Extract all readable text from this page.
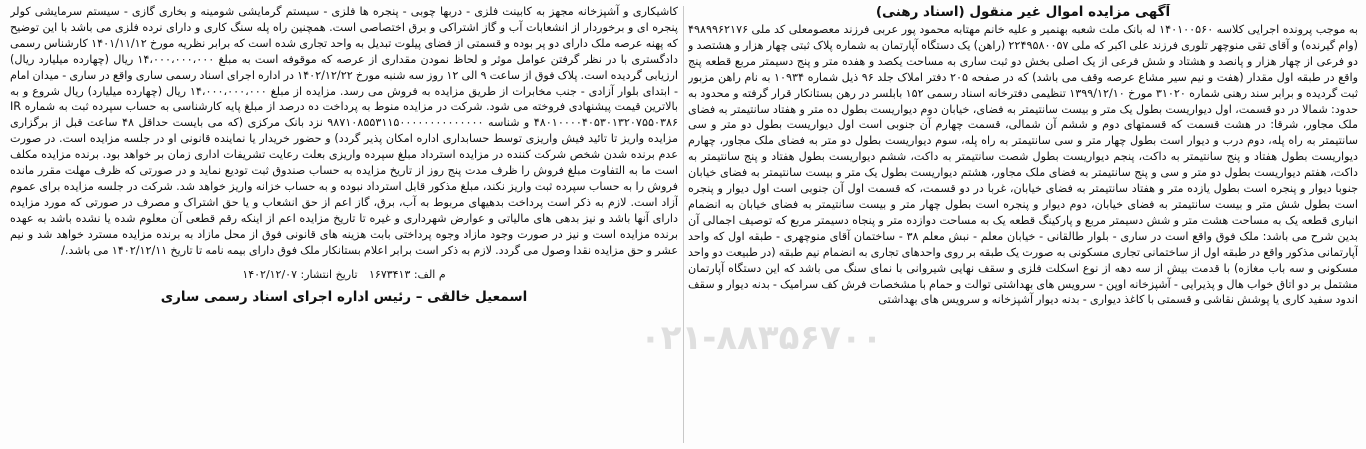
آگهی مزایده اموال غیر منقول (اسناد رهنی)

به موجب پرونده اجرایی کلاسه ۱۴۰۱۰۰۵۶۰ له بانک ملت شعبه بهنمیر و علیه خانم مهتابه محمود پور عربی فرزند معصومعلی کد ملی ۴۹۸۹۹۶۲۱۷۶ (وام گیرنده) و آقای تقی منوچهر تلوری فرزند علی اکبر که ملی ۲۲۴۹۵۸۰۰۵۷ (راهن) یک دستگاه آپارتمان به شماره پلاک ثبتی چهار هزار و هشتصد و دو فرعی از چهار هزار و پانصد و هشتاد و شش فرعی از یک اصلی بخش دو ثبت ساری به مساحت یکصد و هفده متر و پنج دسیمتر مربع قطعه پنج واقع در طبقه اول مقدار (هفت و نیم سیر مشاع عرصه وقف می باشد) که در صفحه ۲۰۵ دفتر املاک جلد ۹۶ ذیل شماره ۱۰۹۳۴ به نام راهن مزبور ثبت گردیده و برابر سند رهنی شماره ۳۱۰۲۰ مورخ ۱۳۹۹/۱۲/۱۰ تنظیمی دفترخانه اسناد رسمی ۱۵۲ بابلسر در رهن بستانکار قرار گرفته و محدود به حدود: شمالا در دو قسمت، اول دیواریست بطول یک متر و بیست سانتیمتر به فضای، خیابان دوم دیواریست بطول ده متر و هفتاد سانتیمتر به فضای ملک مجاور، شرقا: در هشت قسمت که قسمتهای دوم و ششم آن شمالی، قسمت چهارم آن جنوبی است اول دیواریست بطول دو متر و سی سانتیمتر به راه پله، دوم درب و دیوار است بطول چهار متر و سی سانتیمتر به راه پله، سوم دیواریست بطول دو متر به فضای ملک مجاور، چهارم دیواریست بطول هفتاد و پنج سانتیمتر به داکت، پنجم دیواریست بطول شصت سانتیمتر به داکت، ششم دیواریست بطول هفتاد و پنج سانتیمتر به داکت، هفتم دیواریست بطول دو متر و سی و پنج سانتیمتر به فضای ملک مجاور، هشتم دیواریست بطول یک متر و بیست سانتیمتر به فضای خیابان جنوبا دیوار و پنجره است بطول یازده متر و هفتاد سانتیمتر به فضای خیابان، غربا در دو قسمت، که قسمت اول آن جنوبی است اول دیوار و پنجره است بطول شش متر و بیست سانتیمتر به فضای خیابان، دوم دیوار و پنجره است بطول چهار متر و بیست سانتیمتر به فضای خیابان به انضمام انباری قطعه یک به مساحت هشت متر و شش دسیمتر مربع و پارکینگ قطعه یک به مساحت دوازده متر و پنجاه دسیمتر مربع که توصیف اجمالی آن بدین شرح می باشد: ملک فوق واقع است در ساری - بلوار طالقانی - خیابان معلم - نبش معلم ۳۸ - ساختمان آقای منوچهری - طبقه اول که واحد آپارتمانی مذکور واقع در طبقه اول از ساختمانی تجاری مسکونی به صورت یک طبقه بر روی واحدهای تجاری به انضمام نیم طبقه (در طبیعت دو واحد مسکونی و سه باب مغازه) با قدمت بیش از سه دهه از نوع اسکلت فلزی و سقف نهایی شیروانی با نمای سنگ می باشد که این دستگاه آپارتمان مشتمل بر دو اتاق خواب هال و پذیرایی - آشپزخانه اوپن - سرویس های بهداشتی توالت و حمام با مشخصات فرش کف سرامیک - بدنه دیوار و سقف اندود سفید کاری یا پوشش نقاشی و قسمتی با کاغذ دیواری - بدنه دیوار آشپزخانه و سرویس های بهداشتی

کاشیکاری و آشپزخانه مجهز به کابینت فلزی - دربها چوبی - پنجره ها فلزی - سیستم گرمایشی شومینه و بخاری گازی - سیستم سرمایشی کولر پنجره ای و برخوردار از انشعابات آب و گاز اشتراکی و برق اختصاصی است. همچنین راه پله سنگ کاری و دارای نرده فلزی می باشد با این توضیح که پهنه عرصه ملک دارای دو پر بوده و قسمتی از فضای پیلوت تبدیل به واحد تجاری شده است که برابر نظریه مورخ ۱۴۰۱/۱۱/۱۲ کارشناس رسمی دادگستری با در نظر گرفتن عوامل موثر و لحاظ نمودن مقداری از عرصه که موقوفه است به مبلغ ۱۴،۰۰۰،۰۰۰،۰۰۰ ریال (چهارده میلیارد ریال) ارزیابی گردیده است. پلاک فوق از ساعت ۹ الی ۱۲ روز سه شنبه مورخ ۱۴۰۲/۱۲/۲۲ در اداره اجرای اسناد رسمی ساری واقع در ساری - میدان امام - ابتدای بلوار آزادی - جنب مخابرات از طریق مزایده به فروش می رسد. مزایده از مبلغ ۱۴،۰۰۰،۰۰۰،۰۰۰ ریال (چهارده میلیارد) ریال شروع و به بالاترین قیمت پیشنهادی فروخته می شود. شرکت در مزایده منوط به پرداخت ده درصد از مبلغ پایه کارشناسی به حساب سپرده ثبت به شماره IR ۴۸۰۱۰۰۰۰۴۰۵۳۰۱۳۲۰۷۵۵۰۳۸۶ و شناسه ۹۸۷۱۰۸۵۵۳۱۱۵۰۰۰۰۰۰۰۰۰۰۰۰۰۰ نزد بانک مرکزی (که می بایست حداقل ۴۸ ساعت قبل از برگزاری مزایده واریز تا تائید فیش واریزی توسط حسابداری اداره امکان پذیر گردد) و حضور خریدار یا نماینده قانونی او در جلسه مزایده است. در صورت عدم برنده شدن شخص شرکت کننده در مزایده استرداد مبلغ سپرده واریزی بعلت رعایت تشریفات اداری زمان بر خواهد بود. برنده مزایده مکلف است ما به التفاوت مبلغ فروش را ظرف مدت پنج روز از تاریخ مزایده به حساب صندوق ثبت تودیع نماید و در صورتی که ظرف مهلت مقرر مانده فروش را به حساب سپرده ثبت واریز نکند، مبلغ مذکور قابل استرداد نبوده و به حساب خزانه واریز خواهد شد. شرکت در جلسه مزایده برای عموم آزاد است. لازم به ذکر است پرداخت بدهیهای مربوط به آب، برق، گاز اعم از حق انشعاب و یا حق اشتراک و مصرف در صورتی که مورد مزایده دارای آنها باشد و نیز بدهی های مالیاتی و عوارض شهرداری و غیره تا تاریخ مزایده اعم از اینکه رقم قطعی آن معلوم شده یا نشده باشد به عهده برنده مزایده است و نیز در صورت وجود مازاد وجوه پرداختی بابت هزینه های قانونی فوق از محل مازاد به برنده مزایده مسترد خواهد شد و نیم عشر و حق مزایده نقدا وصول می گردد. لازم به ذکر است برابر اعلام بستانکار ملک فوق دارای بیمه نامه تا تاریخ ۱۴۰۲/۱۲/۱۱ می باشد./

م الف: ۱۶۷۳۴۱۳ تاریخ انتشار: ۱۴۰۲/۱۲/۰۷
اسمعیل خالقی – رئیس اداره اجرای اسناد رسمی ساری
۰۲۱-۸۸۳۵۶۷۰۰
